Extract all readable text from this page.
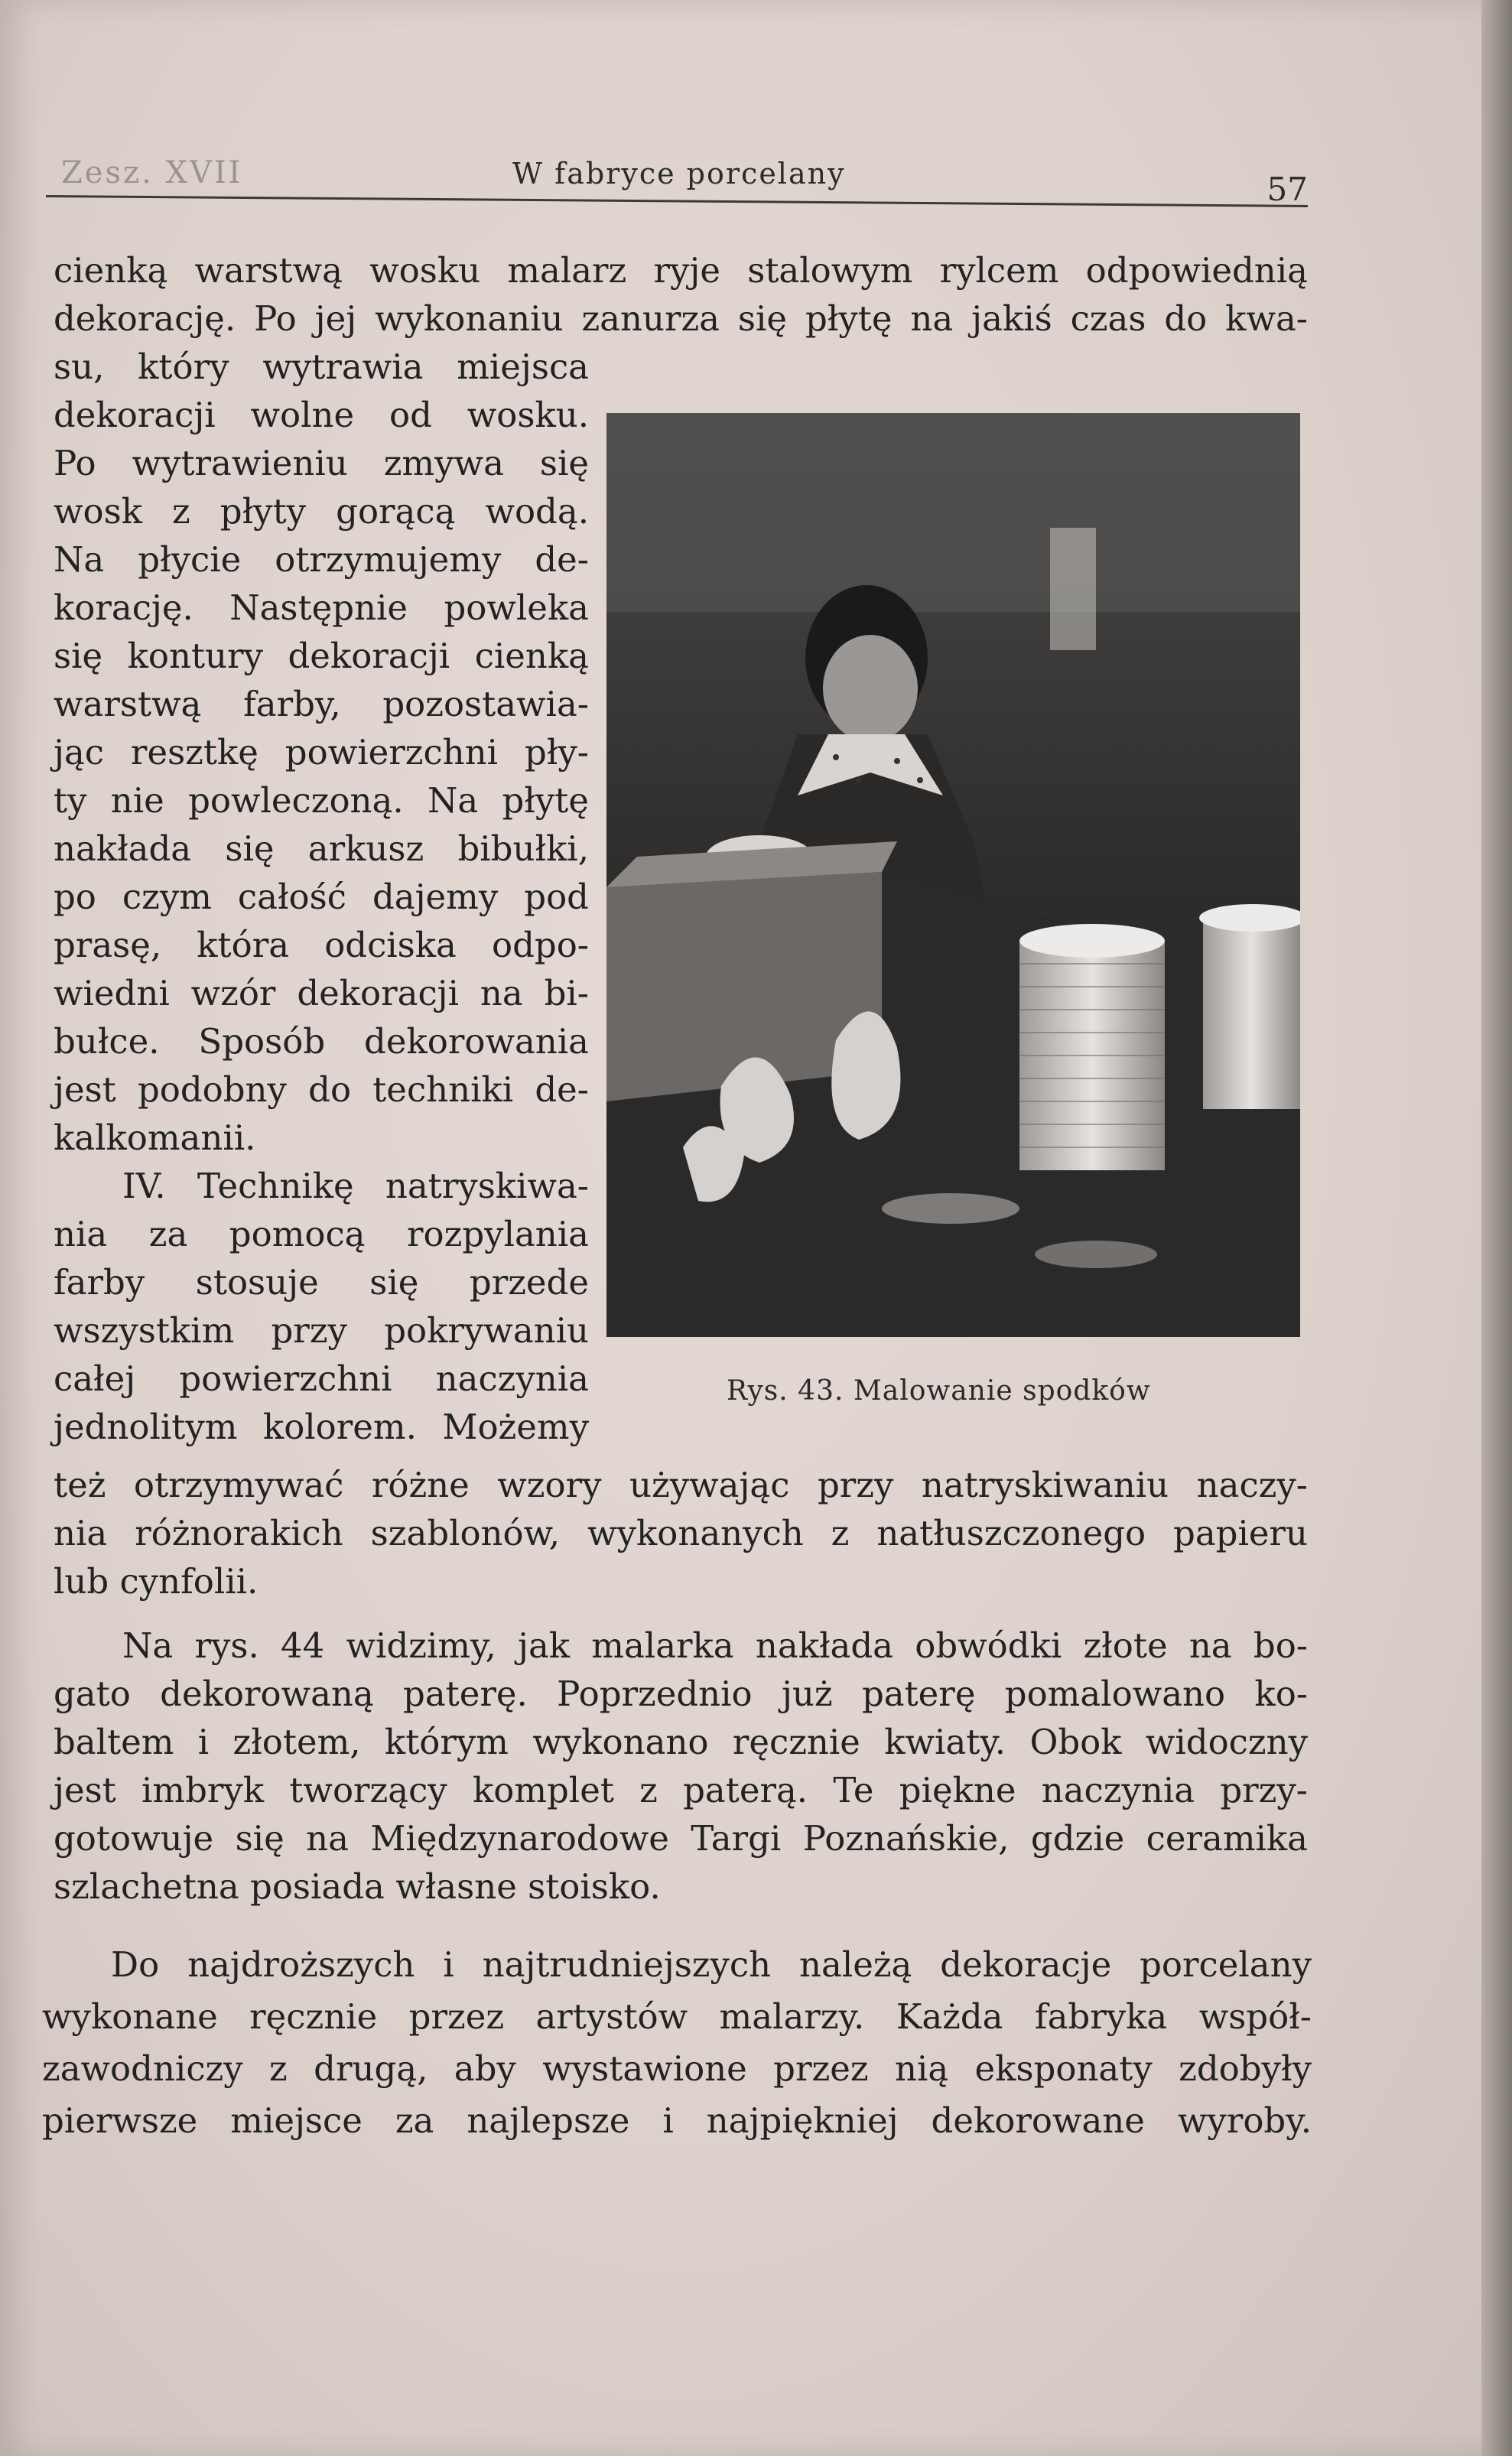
Zesz. XVII	W fabryce porcelany	57
cienką warstwą wosku malarz ryje stalowym rylcem odpowiednią
dekorację. Po jej wykonaniu zanurza się płytę na jakiś czas do kwa-
su, który wytrawia miejsca
dekoracji wolne od wosku.
Po wytrawieniu zmywa się
wosk z płyty gorącą wodą.
Na płycie otrzymujemy de-
korację. Następnie powleka
się kontury dekoracji cienką
warstwą farby, pozostawia-
jąc resztkę powierzchni pły-
ty nie powleczoną. Na płytę
nakłada się arkusz bibułki,
po czym całość dajemy pod
prasę, która odciska odpo-
wiedni wzór dekoracji na bi-
bułce. Sposób dekorowania
jest podobny do techniki de-
kalkomanii.
IV. Technikę natryskiwa-
nia za pomocą rozpylania
farby stosuje się przede
wszystkim przy pokrywaniu
całej powierzchni naczynia
jednolitym kolorem. Możemy
Rys. 43. Malowanie spodków
też otrzymywać różne wzory używając przy natryskiwaniu naczy-
nia różnorakich szablonów, wykonanych z natłuszczonego papieru
lub cynfolii.
Na rys. 44 widzimy, jak malarka nakłada obwódki złote na bo-
gato dekorowaną paterę. Poprzednio już paterę pomalowano ko-
baltem i złotem, którym wykonano ręcznie kwiaty. Obok widoczny
jest imbryk tworzący komplet z paterą. Te piękne naczynia przy-
gotowuje się na Międzynarodowe Targi Poznańskie, gdzie ceramika
szlachetna posiada własne stoisko.
Do najdroższych i najtrudniejszych należą dekoracje porcelany
wykonane ręcznie przez artystów malarzy. Każda fabryka współ-
zawodniczy z drugą, aby wystawione przez nią eksponaty zdobyły
pierwsze miejsce za najlepsze i najpiękniej dekorowane wyroby.
